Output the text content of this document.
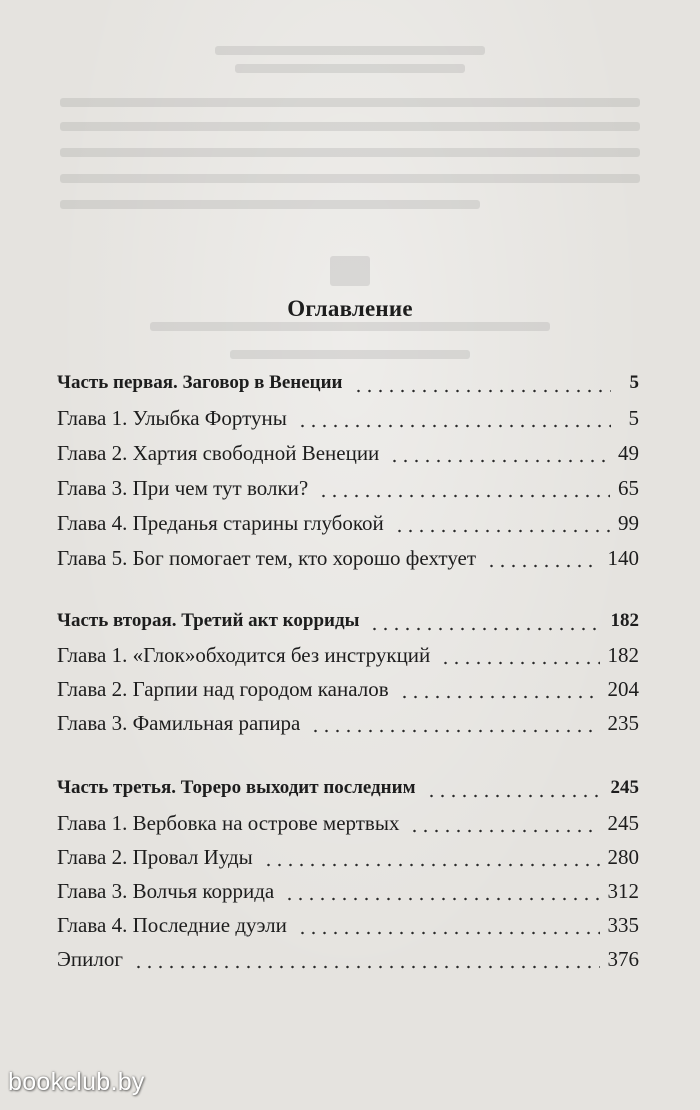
Оглавление
Часть первая. Заговор в Венеции	5
Глава 1. Улыбка Фортуны	5
Глава 2. Хартия свободной Венеции	49
Глава 3. При чем тут волки?	65
Глава 4. Преданья старины глубокой	99
Глава 5. Бог помогает тем, кто хорошо фехтует	140
Часть вторая. Третий акт корриды	182
Глава 1. «Глок»обходится без инструкций	182
Глава 2. Гарпии над городом каналов	204
Глава 3. Фамильная рапира	235
Часть третья. Тореро выходит последним	245
Глава 1. Вербовка на острове мертвых	245
Глава 2. Провал Иуды	280
Глава 3. Волчья коррида	312
Глава 4. Последние дуэли	335
Эпилог	376
bookclub.by
